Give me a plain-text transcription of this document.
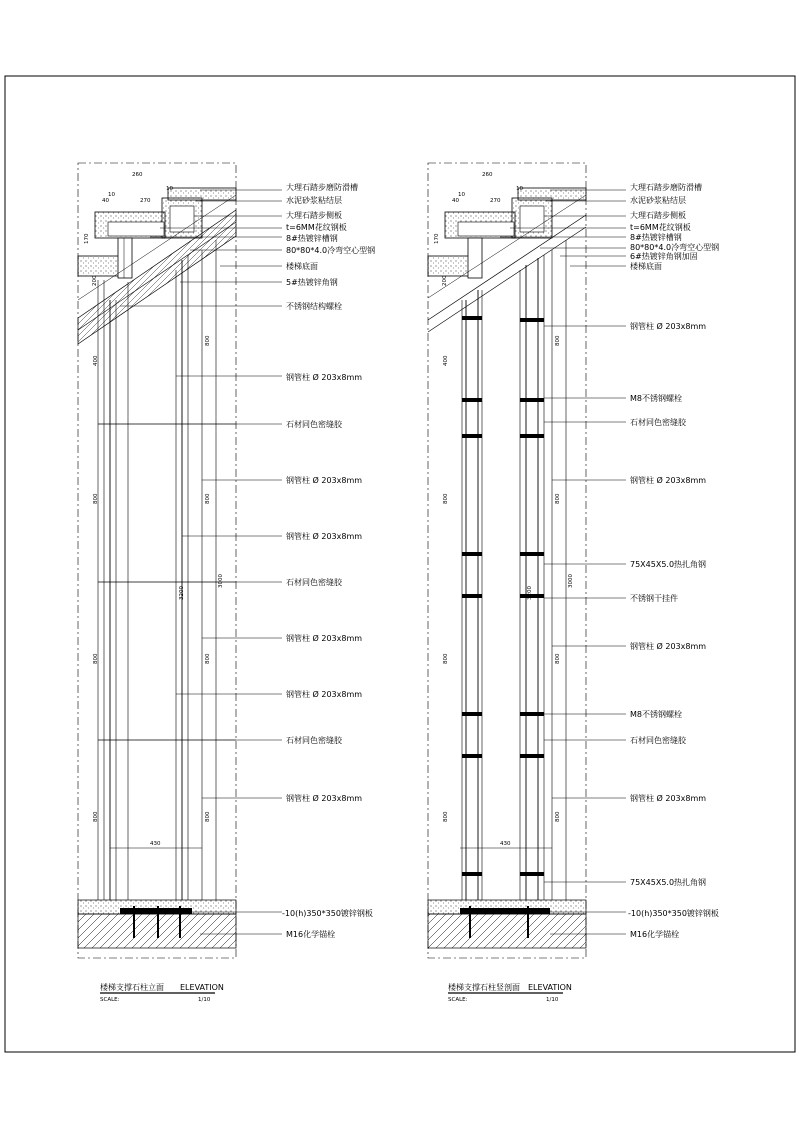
260
10
40	270
10
170
200
400
800
800
800
800
800
800
800
3200
3000
430
大理石踏步磨防滑槽
水泥砂浆粘结层
大理石踏步侧板
t=6MM花纹钢板
8#热镀锌槽钢
80*80*4.0冷弯空心型钢
楼梯底面
5#热镀锌角钢
不锈钢结构螺栓
钢管柱 Ø 203x8mm
石材同色密缝胶
钢管柱 Ø 203x8mm
钢管柱 Ø 203x8mm
石材同色密缝胶
钢管柱 Ø 203x8mm
钢管柱 Ø 203x8mm
石材同色密缝胶
钢管柱 Ø 203x8mm
-10(h)350*350镀锌钢板
M16化学锚栓
楼梯支撑石柱立面 ELEVATION
SCALE:	1/10
260
10
40	270
10
170
200
400
800
800
800
800
800
800
800
3200
3000
430
大理石踏步磨防滑槽
水泥砂浆粘结层
大理石踏步侧板
t=6MM花纹钢板
8#热镀锌槽钢
80*80*4.0冷弯空心型钢
6#热镀锌角钢加固
楼梯底面
钢管柱 Ø 203x8mm
M8不锈钢螺栓
石材同色密缝胶
钢管柱 Ø 203x8mm
75X45X5.0热扎角钢
不锈钢干挂件
钢管柱 Ø 203x8mm
M8不锈钢螺栓
石材同色密缝胶
钢管柱 Ø 203x8mm
75X45X5.0热扎角钢
-10(h)350*350镀锌钢板
M16化学锚栓
楼梯支撑石柱竖剖面 ELEVATION
SCALE:	1/10
